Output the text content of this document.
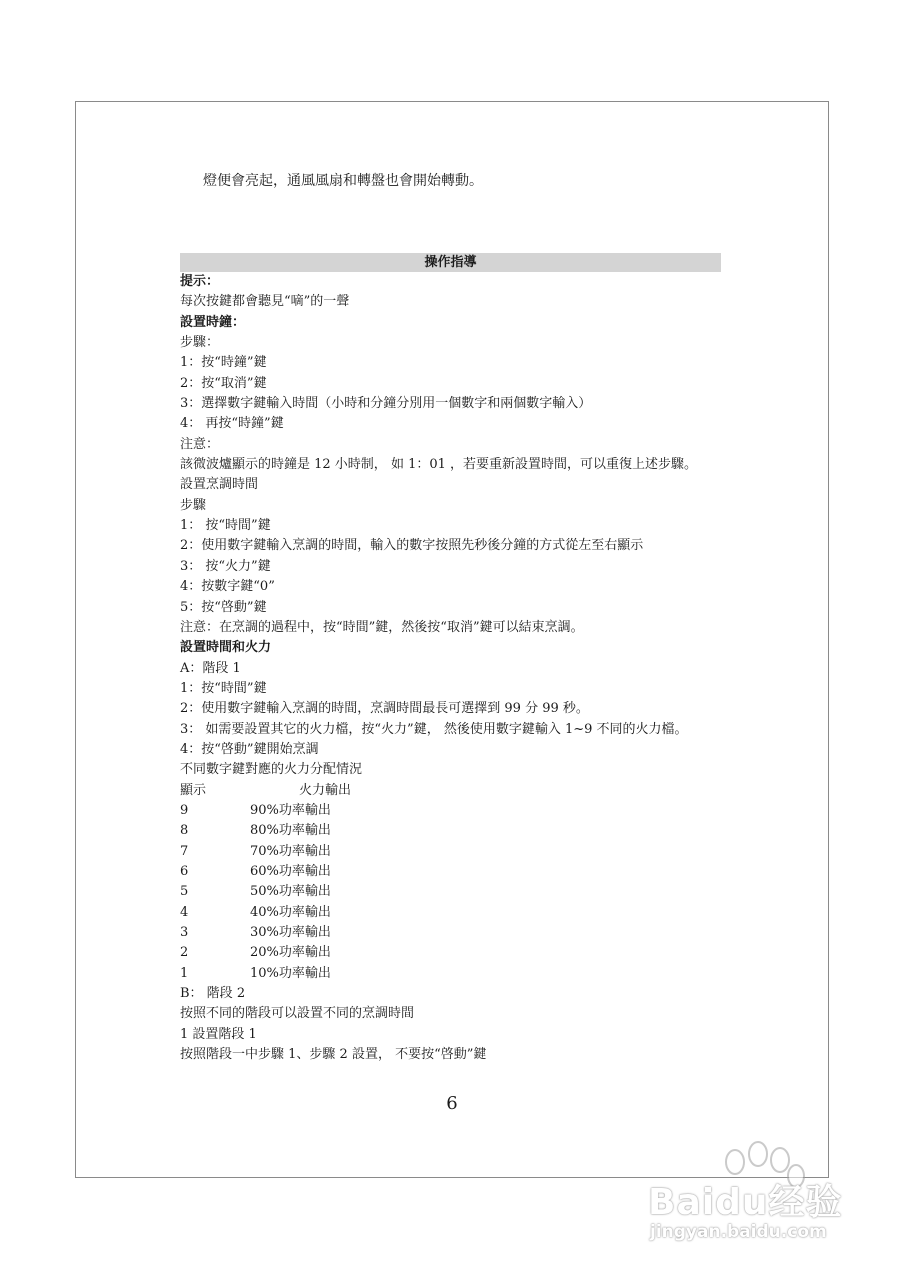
燈便會亮起，通風風扇和轉盤也會開始轉動。
操作指導
提示：
每次按鍵都會聽見“嘀”的一聲
設置時鐘：
步驟：
1：按“時鐘”鍵
2：按“取消”鍵
3：選擇數字鍵輸入時間（小時和分鐘分別用一個數字和兩個數字輸入）
4： 再按“時鐘”鍵
注意：
該微波爐顯示的時鐘是 12 小時制， 如 1：01 ，若要重新設置時間，可以重復上述步驟。
設置烹調時間
步驟
1： 按“時間”鍵
2：使用數字鍵輸入烹調的時間，輸入的數字按照先秒後分鐘的方式從左至右顯示
3： 按“火力”鍵
4：按數字鍵“0”
5：按“啓動”鍵
注意：在烹調的過程中，按“時間”鍵，然後按“取消”鍵可以結束烹調。
設置時間和火力
A：階段 1
1：按“時間”鍵
2：使用數字鍵輸入烹調的時間，烹調時間最長可選擇到 99 分 99 秒。
3： 如需要設置其它的火力檔，按“火力”鍵， 然後使用數字鍵輸入 1~9 不同的火力檔。
4：按“啓動”鍵開始烹調
不同數字鍵對應的火力分配情況
顯示	火力輸出
9	90%功率輸出
8	80%功率輸出
7	70%功率輸出
6	60%功率輸出
5	50%功率輸出
4	40%功率輸出
3	30%功率輸出
2	20%功率輸出
1	10%功率輸出
B： 階段 2
按照不同的階段可以設置不同的烹調時間
1 設置階段 1
按照階段一中步驟 1、步驟 2 設置， 不要按“啓動”鍵
6
Baidu经验
jingyan.baidu.com
